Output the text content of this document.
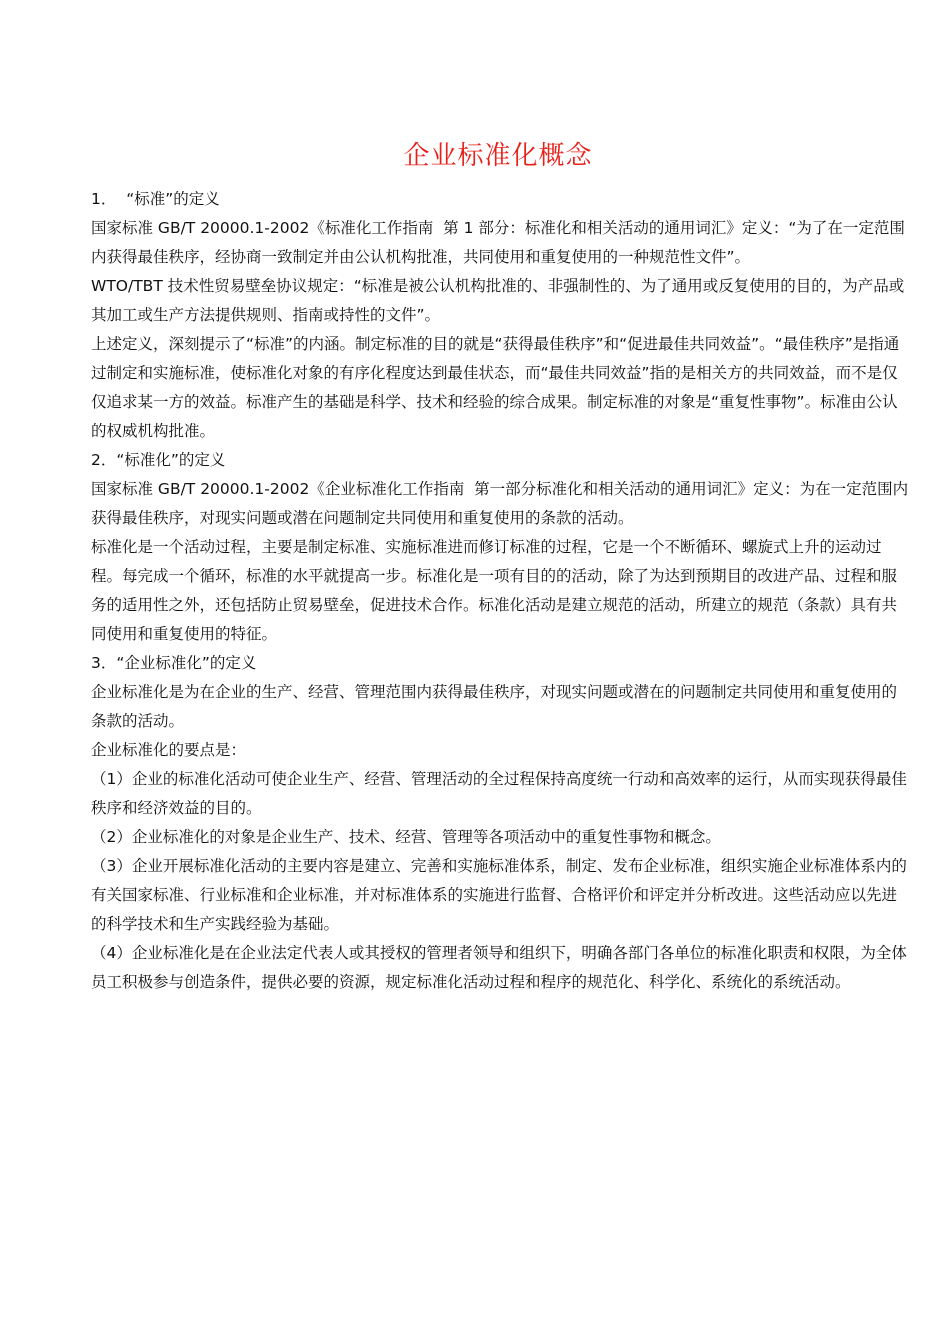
企业标准化概念

1．  “标准”的定义

国家标准 GB/T 20000.1-2002《标准化工作指南  第 1 部分：标准化和相关活动的通用词汇》定义：“为了在一定范围内获得最佳秩序，经协商一致制定并由公认机构批准，共同使用和重复使用的一种规范性文件”。

WTO/TBT 技术性贸易壁垒协议规定：“标准是被公认机构批准的、非强制性的、为了通用或反复使用的目的，为产品或其加工或生产方法提供规则、指南或持性的文件”。

上述定义，深刻提示了“标准”的内涵。制定标准的目的就是“获得最佳秩序”和“促进最佳共同效益”。“最佳秩序”是指通过制定和实施标准，使标准化对象的有序化程度达到最佳状态，而“最佳共同效益”指的是相关方的共同效益，而不是仅仅追求某一方的效益。标准产生的基础是科学、技术和经验的综合成果。制定标准的对象是“重复性事物”。标准由公认的权威机构批准。

2．“标准化”的定义

国家标准 GB/T 20000.1-2002《企业标准化工作指南  第一部分标准化和相关活动的通用词汇》定义：为在一定范围内获得最佳秩序，对现实问题或潜在问题制定共同使用和重复使用的条款的活动。

标准化是一个活动过程，主要是制定标准、实施标准进而修订标准的过程，它是一个不断循环、螺旋式上升的运动过程。每完成一个循环，标准的水平就提高一步。标准化是一项有目的的活动，除了为达到预期目的改进产品、过程和服务的适用性之外，还包括防止贸易壁垒，促进技术合作。标准化活动是建立规范的活动，所建立的规范（条款）具有共同使用和重复使用的特征。

3．“企业标准化”的定义

企业标准化是为在企业的生产、经营、管理范围内获得最佳秩序，对现实问题或潜在的问题制定共同使用和重复使用的条款的活动。

企业标准化的要点是：

（1）企业的标准化活动可使企业生产、经营、管理活动的全过程保持高度统一行动和高效率的运行，从而实现获得最佳秩序和经济效益的目的。

（2）企业标准化的对象是企业生产、技术、经营、管理等各项活动中的重复性事物和概念。

（3）企业开展标准化活动的主要内容是建立、完善和实施标准体系，制定、发布企业标准，组织实施企业标准体系内的有关国家标准、行业标准和企业标准，并对标准体系的实施进行监督、合格评价和评定并分析改进。这些活动应以先进的科学技术和生产实践经验为基础。

（4）企业标准化是在企业法定代表人或其授权的管理者领导和组织下，明确各部门各单位的标准化职责和权限，为全体员工积极参与创造条件，提供必要的资源，规定标准化活动过程和程序的规范化、科学化、系统化的系统活动。
